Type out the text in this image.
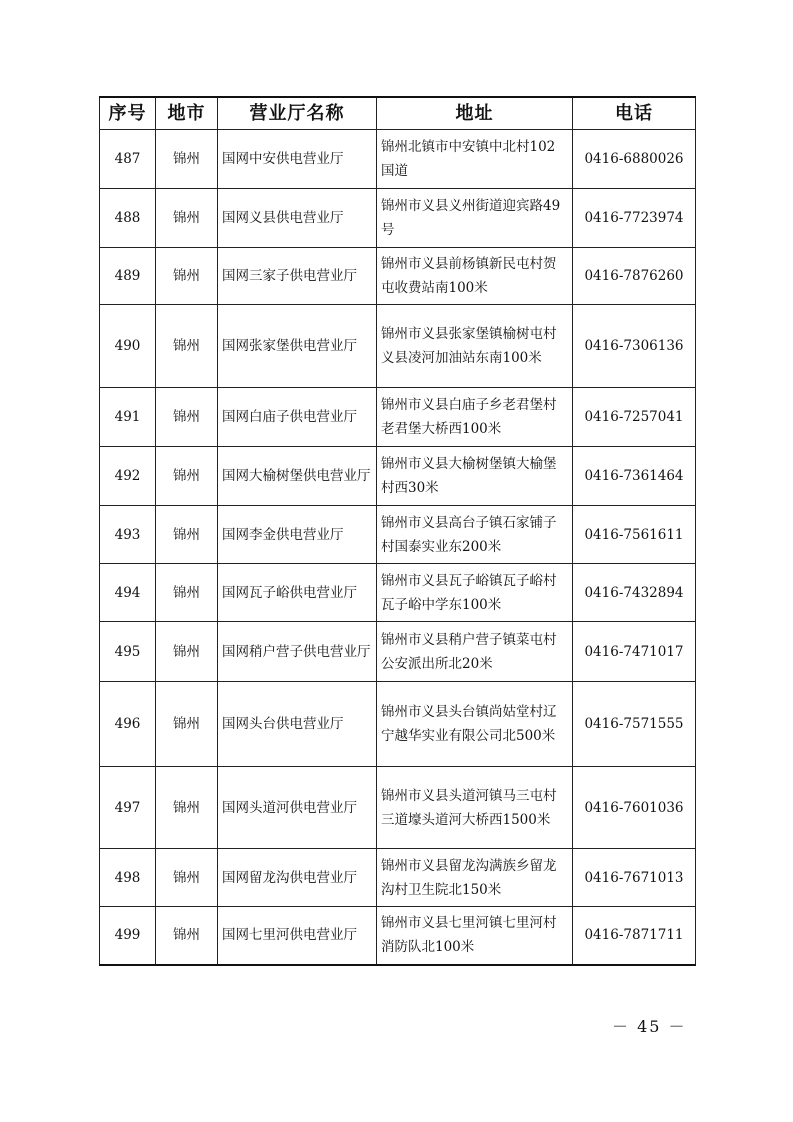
序号	地市	营业厅名称	地址	电话
487	锦州	国网中安供电营业厅	锦州北镇市中安镇中北村102国道	0416-6880026
488	锦州	国网义县供电营业厅	锦州市义县义州街道迎宾路49号	0416-7723974
489	锦州	国网三家子供电营业厅	锦州市义县前杨镇新民屯村贺屯收费站南100米	0416-7876260
490	锦州	国网张家堡供电营业厅	锦州市义县张家堡镇榆树屯村义县凌河加油站东南100米	0416-7306136
491	锦州	国网白庙子供电营业厅	锦州市义县白庙子乡老君堡村老君堡大桥西100米	0416-7257041
492	锦州	国网大榆树堡供电营业厅	锦州市义县大榆树堡镇大榆堡村西30米	0416-7361464
493	锦州	国网李金供电营业厅	锦州市义县高台子镇石家铺子村国泰实业东200米	0416-7561611
494	锦州	国网瓦子峪供电营业厅	锦州市义县瓦子峪镇瓦子峪村瓦子峪中学东100米	0416-7432894
495	锦州	国网稍户营子供电营业厅	锦州市义县稍户营子镇菜屯村公安派出所北20米	0416-7471017
496	锦州	国网头台供电营业厅	锦州市义县头台镇尚姑堂村辽宁越华实业有限公司北500米	0416-7571555
497	锦州	国网头道河供电营业厅	锦州市义县头道河镇马三屯村三道壕头道河大桥西1500米	0416-7601036
498	锦州	国网留龙沟供电营业厅	锦州市义县留龙沟满族乡留龙沟村卫生院北150米	0416-7671013
499	锦州	国网七里河供电营业厅	锦州市义县七里河镇七里河村消防队北100米	0416-7871711
－ 45 －
